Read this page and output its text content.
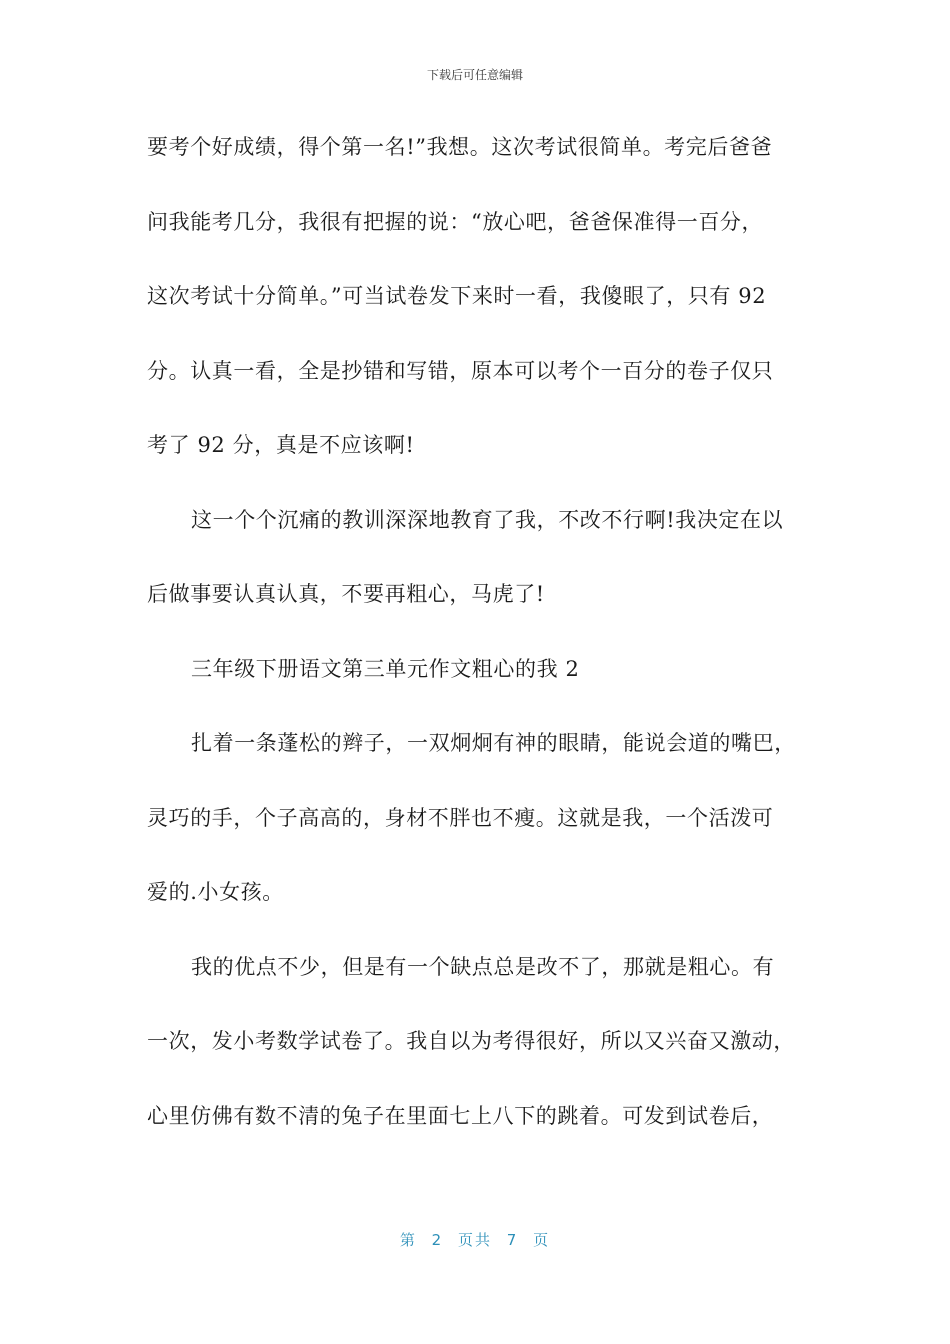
下载后可任意编辑
要考个好成绩，得个第一名!”我想。这次考试很简单。考完后爸爸
问我能考几分，我很有把握的说：“放心吧，爸爸保准得一百分，
这次考试十分简单。”可当试卷发下来时一看，我傻眼了，只有 92
分。认真一看，全是抄错和写错，原本可以考个一百分的卷子仅只
考了 92 分，真是不应该啊!
这一个个沉痛的教训深深地教育了我，不改不行啊!我决定在以
后做事要认真认真，不要再粗心，马虎了!
三年级下册语文第三单元作文粗心的我 2
扎着一条蓬松的辫子，一双炯炯有神的眼睛，能说会道的嘴巴，
灵巧的手，个子高高的，身材不胖也不瘦。这就是我，一个活泼可
爱的.小女孩。
我的优点不少，但是有一个缺点总是改不了，那就是粗心。有
一次，发小考数学试卷了。我自以为考得很好，所以又兴奋又激动，
心里仿佛有数不清的兔子在里面七上八下的跳着。可发到试卷后，
第 2 页共 7 页
